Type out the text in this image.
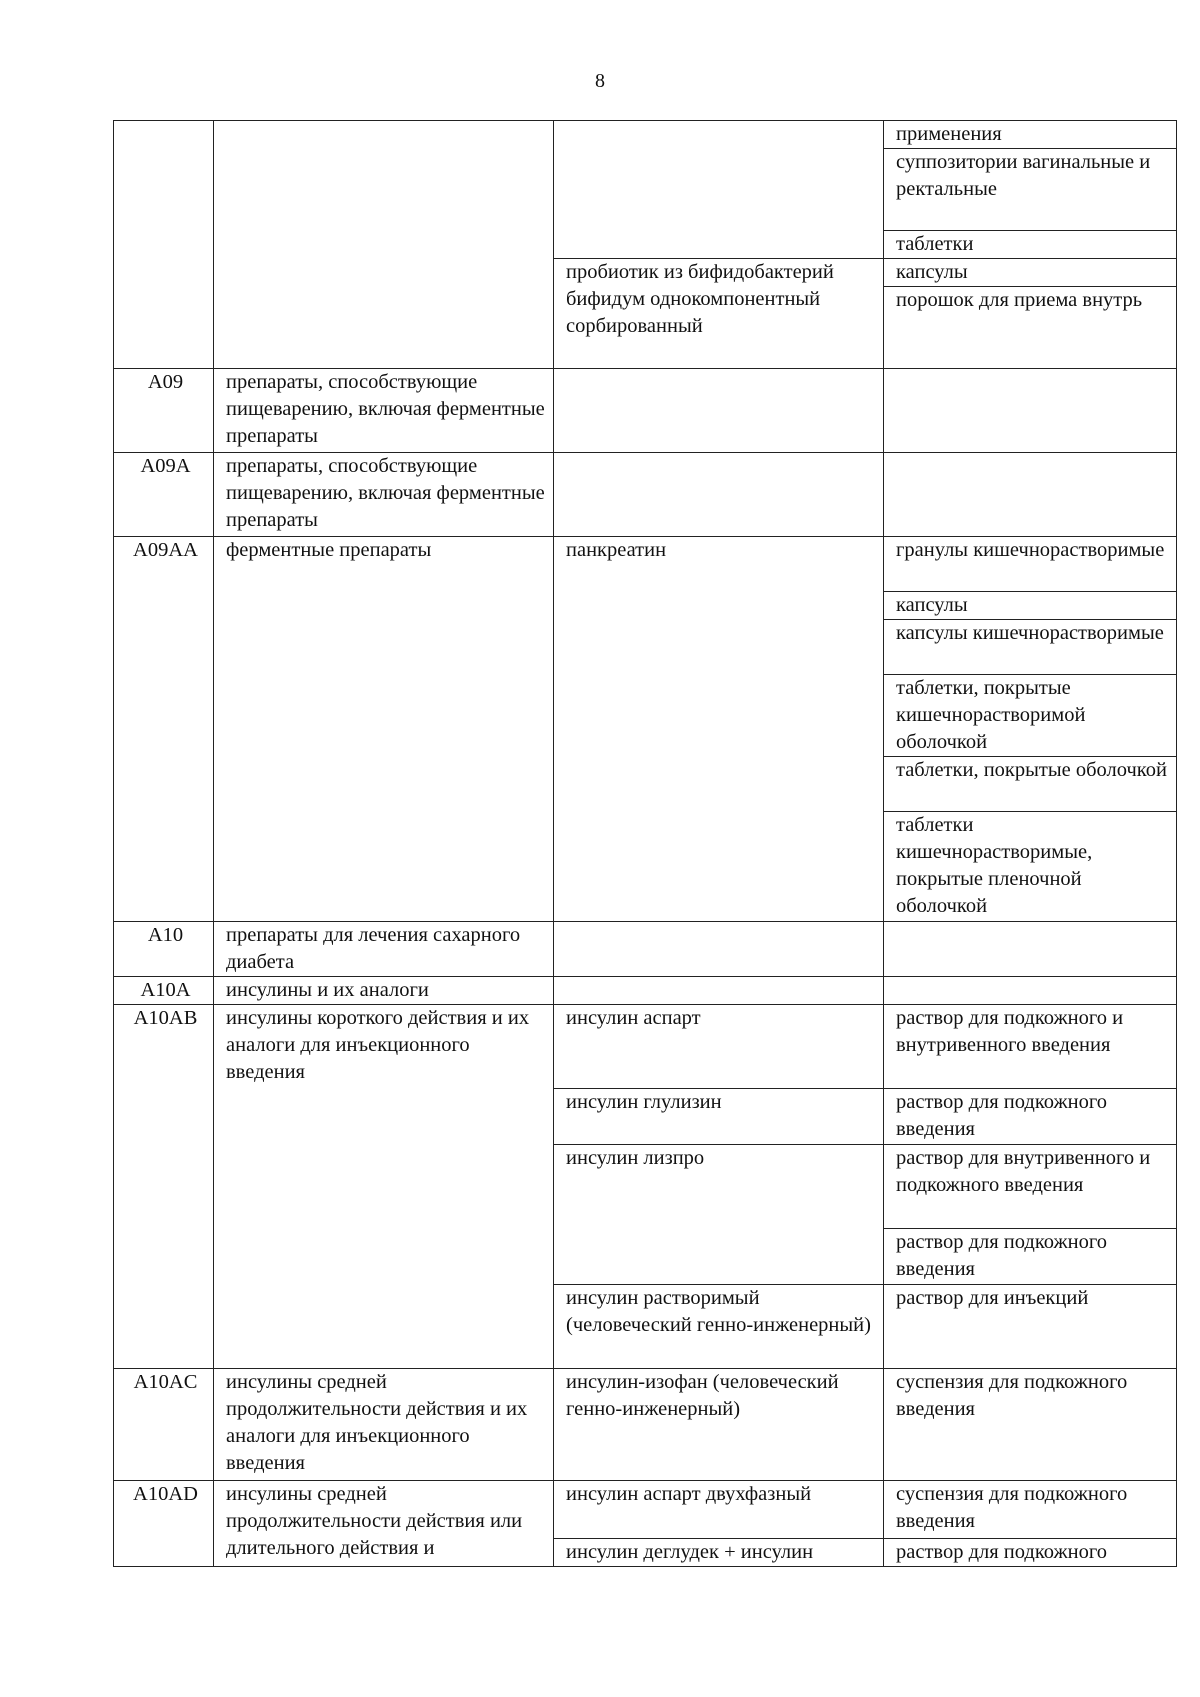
8
			применения
			суппозитории вагинальные и ректальные
			таблетки
		пробиотик из бифидобактерий бифидум однокомпонентный сорбированный	капсулы
			порошок для приема внутрь
A09	препараты, способствующие пищеварению, включая ферментные препараты		
A09A	препараты, способствующие пищеварению, включая ферментные препараты		
A09AA	ферментные препараты	панкреатин	гранулы кишечнорастворимые
			капсулы
			капсулы кишечнорастворимые
			таблетки, покрытые кишечнорастворимой оболочкой
			таблетки, покрытые оболочкой
			таблетки кишечнорастворимые, покрытые пленочной оболочкой
A10	препараты для лечения сахарного диабета		
A10A	инсулины и их аналоги		
A10AB	инсулины короткого действия и их аналоги для инъекционного введения	инсулин аспарт	раствор для подкожного и внутривенного введения
		инсулин глулизин	раствор для подкожного введения
		инсулин лизпро	раствор для внутривенного и подкожного введения
			раствор для подкожного введения
		инсулин растворимый (человеческий генно-инженерный)	раствор для инъекций
A10AC	инсулины средней продолжительности действия и их аналоги для инъекционного введения	инсулин-изофан (человеческий генно-инженерный)	суспензия для подкожного введения
A10AD	инсулины средней продолжительности действия или длительного действия и	инсулин аспарт двухфазный	суспензия для подкожного введения
		инсулин деглудек + инсулин	раствор для подкожного
